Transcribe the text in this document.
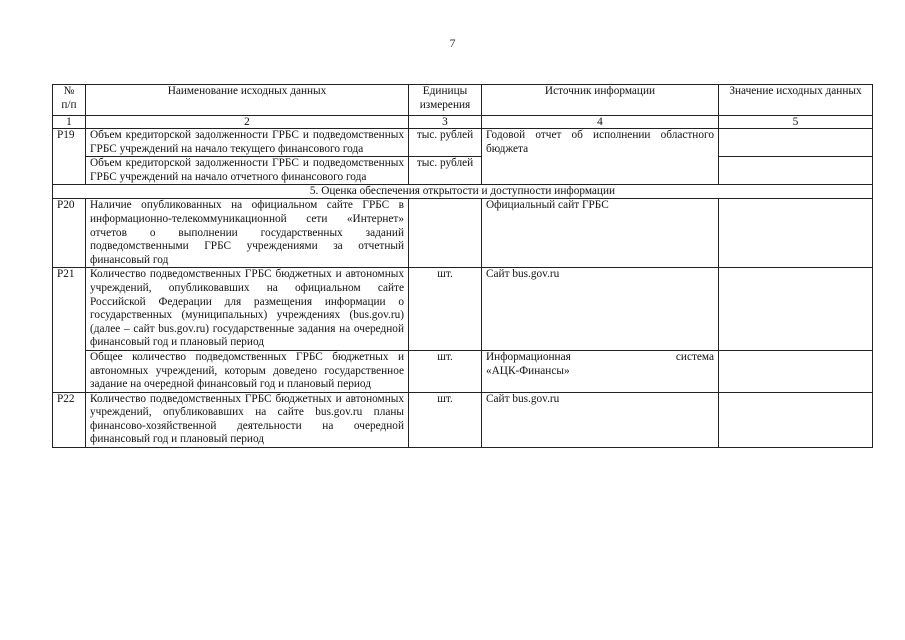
7
№
п/п	Наименование исходных данных	Единицы измерения	Источник информации	Значение исходных данных
1	2	3	4	5
Р19	Объем кредиторской задолженности ГРБС и подведомственных ГРБС учреждений на начало текущего финансового года	тыс. рублей	Годовой отчет об исполнении областного бюджета	
	Объем кредиторской задолженности ГРБС и подведомственных ГРБС учреждений на начало отчетного финансового года	тыс. рублей		
5. Оценка обеспечения открытости и доступности информации				
Р20	Наличие опубликованных на официальном сайте ГРБС в информационно-телекоммуникационной сети «Интернет» отчетов о выполнении государственных заданий подведомственными ГРБС учреждениями за отчетный финансовый год		Официальный сайт ГРБС	
Р21	Количество подведомственных ГРБС бюджетных и автономных учреждений, опубликовавших на официальном сайте Российской Федерации для размещения информации о государственных (муниципальных) учреждениях (bus.gov.ru) (далее – сайт bus.gov.ru) государственные задания на очередной финансовый год и плановый период	шт.	Сайт bus.gov.ru	
	Общее количество подведомственных ГРБС бюджетных и автономных учреждений, которым доведено государственное задание на очередной финансовый год и плановый период	шт.	Информационная система
«АЦК-Финансы»	

Р22	Количество подведомственных ГРБС бюджетных и автономных учреждений, опубликовавших на сайте bus.gov.ru планы финансово-хозяйственной деятельности на очередной финансовый год и плановый период	шт.	Сайт bus.gov.ru	
